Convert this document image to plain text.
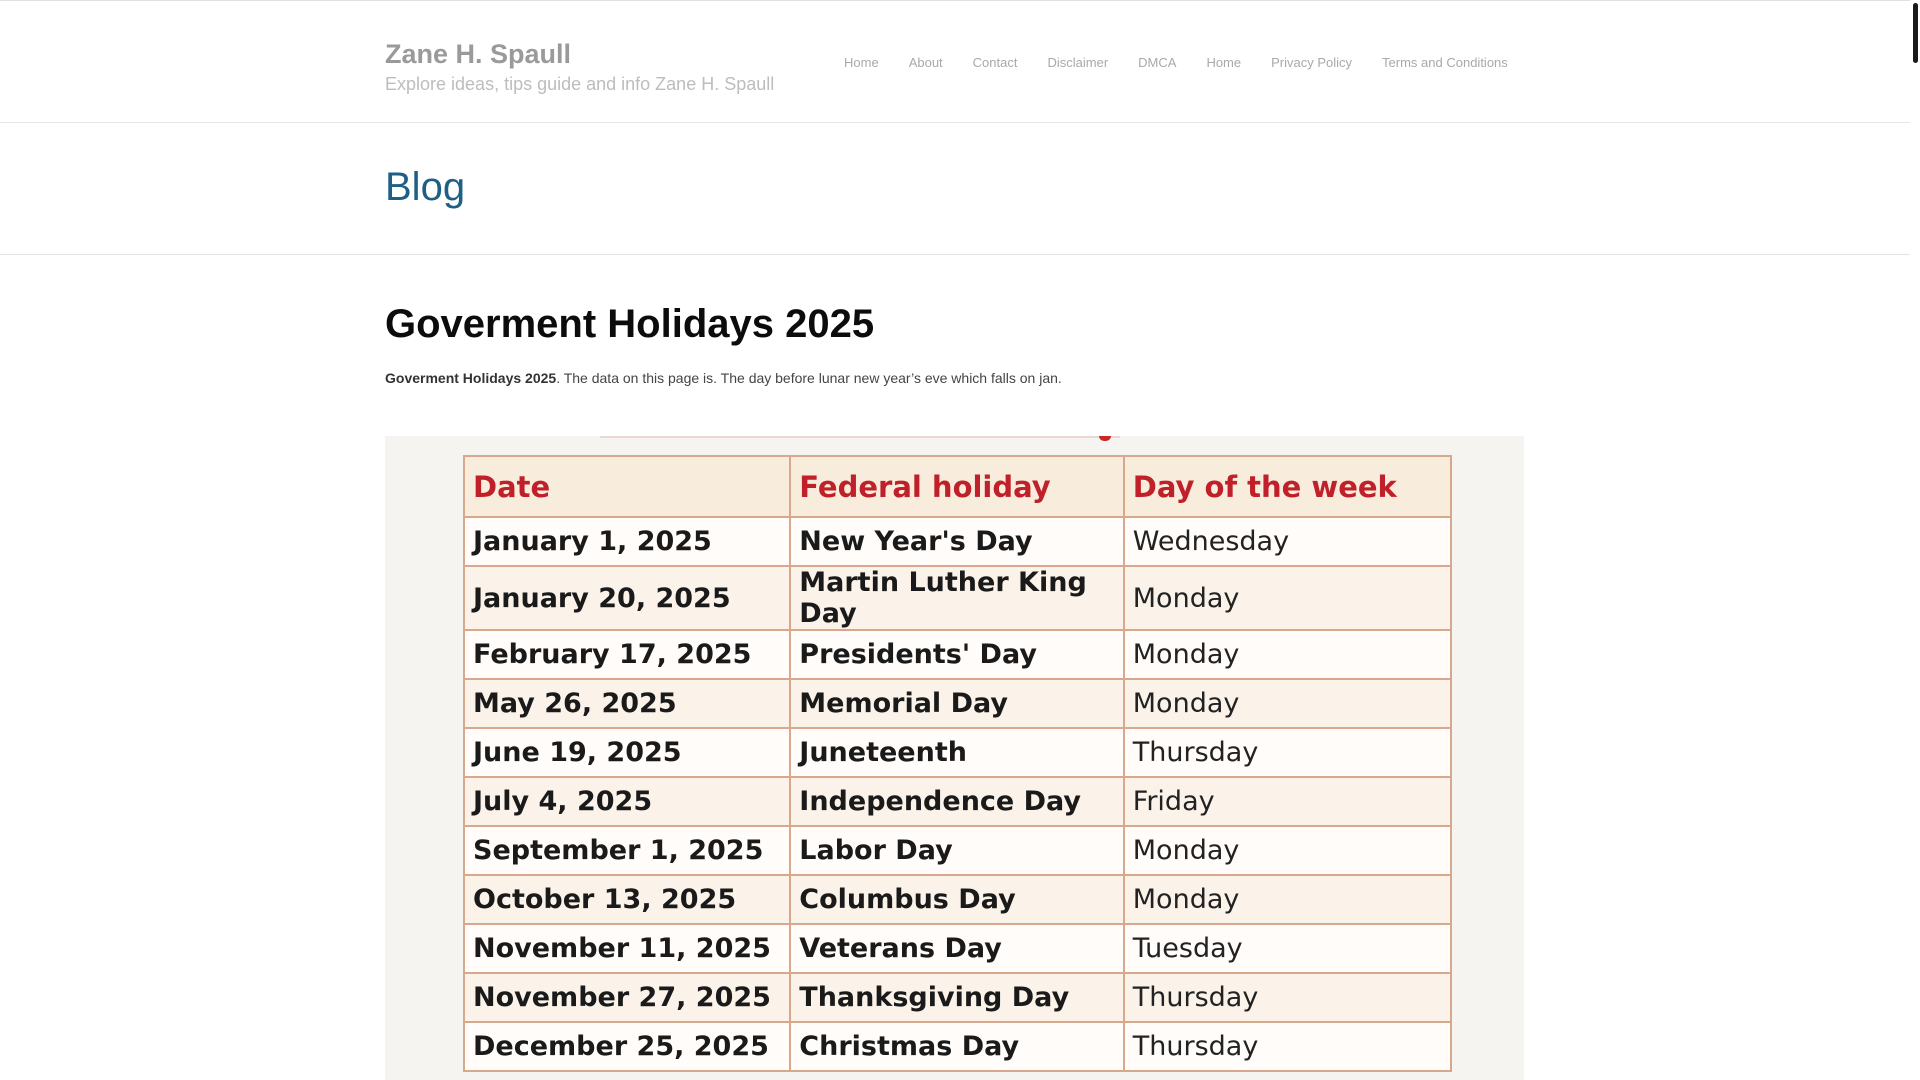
Zane H. Spaull
Explore ideas, tips guide and info Zane H. Spaull
Home About Contact Disclaimer DMCA Home Privacy Policy Terms and Conditions
Blog
Goverment Holidays 2025

Goverment Holidays 2025. The data on this page is. The day before lunar new year’s eve which falls on jan.

Date	Federal holiday	Day of the week
January 1, 2025	New Year's Day	Wednesday
January 20, 2025	Martin Luther King Day	Monday
February 17, 2025	Presidents' Day	Monday
May 26, 2025	Memorial Day	Monday
June 19, 2025	Juneteenth	Thursday
July 4, 2025	Independence Day	Friday
September 1, 2025	Labor Day	Monday
October 13, 2025	Columbus Day	Monday
November 11, 2025	Veterans Day	Tuesday
November 27, 2025	Thanksgiving Day	Thursday
December 25, 2025	Christmas Day	Thursday
